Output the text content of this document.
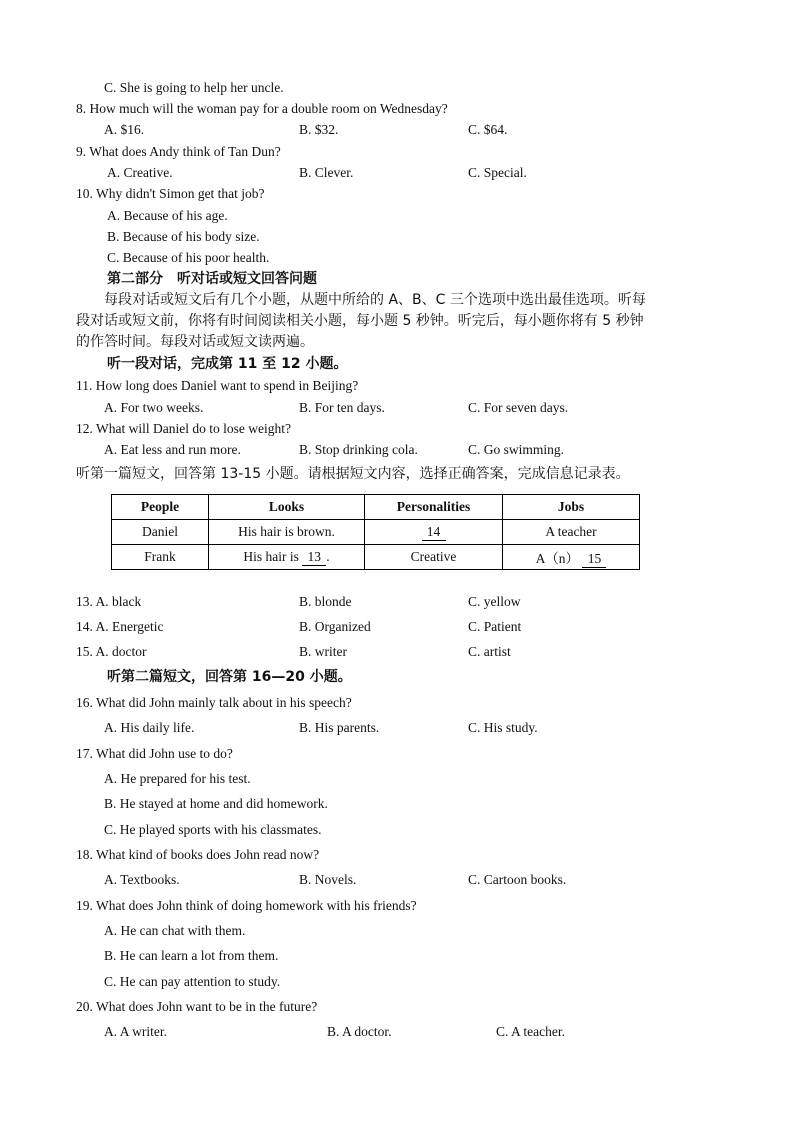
C. She is going to help her uncle.
8. How much will the woman pay for a double room on Wednesday?
A. $16.	B. $32.	C. $64.
9. What does Andy think of Tan Dun?
A. Creative.	B. Clever.	C. Special.
10. Why didn't Simon get that job?
A. Because of his age.
B. Because of his body size.
C. Because of his poor health.
第二部分　听对话或短文回答问题
每段对话或短文后有几个小题，从题中所给的 A、B、C 三个选项中选出最佳选项。听每
段对话或短文前，你将有时间阅读相关小题，每小题 5 秒钟。听完后，每小题你将有 5 秒钟
的作答时间。每段对话或短文读两遍。
听一段对话，完成第 11 至 12 小题。
11. How long does Daniel want to spend in Beijing?
A. For two weeks.	B. For ten days.	C. For seven days.
12. What will Daniel do to lose weight?
A. Eat less and run more.	B. Stop drinking cola.	C. Go swimming.
听第一篇短文，回答第 13-15 小题。请根据短文内容，选择正确答案，完成信息记录表。
People	Looks	Personalities	Jobs
Daniel	His hair is brown.	14	A teacher
Frank	His hair is 13 .	Creative	A（n） 15
13. A. black	B. blonde	C. yellow
14. A. Energetic	B. Organized	C. Patient
15. A. doctor	B. writer	C. artist
听第二篇短文，回答第 16—20 小题。
16. What did John mainly talk about in his speech?
A. His daily life.	B. His parents.	C. His study.
17. What did John use to do?
A. He prepared for his test.
B. He stayed at home and did homework.
C. He played sports with his classmates.
18. What kind of books does John read now?
A. Textbooks.	B. Novels.	C. Cartoon books.
19. What does John think of doing homework with his friends?
A. He can chat with them.
B. He can learn a lot from them.
C. He can pay attention to study.
20. What does John want to be in the future?
A. A writer.	B. A doctor.	C. A teacher.
